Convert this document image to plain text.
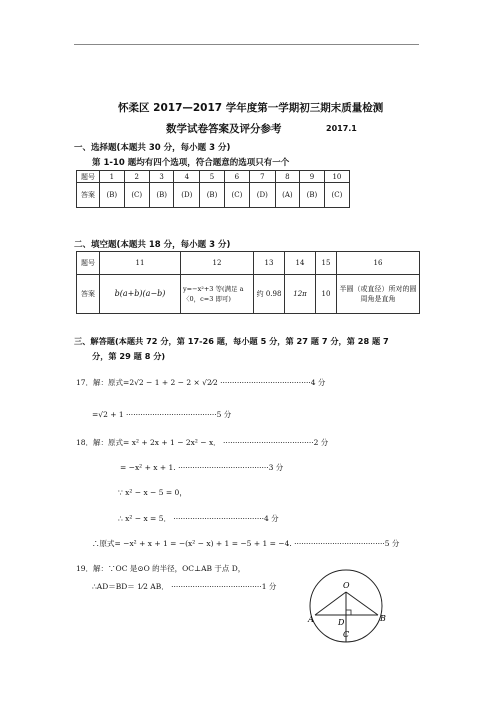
怀柔区 2017—2017 学年度第一学期初三期末质量检测
数学试卷答案及评分参考	2017.1
一、选择题(本题共 30 分，每小题 3 分)
第 1-10 题均有四个选项，符合题意的选项只有一个
题号	1	2	3	4	5	6	7	8	9	10
答案	(B)	(C)	(B)	(D)	(B)	(C)	(D)	(A)	(B)	(C)
二、填空题(本题共 18 分，每小题 3 分)
题号	11	12	13	14	15	16
答案	b(a+b)(a−b)	y=−x²+3 等(满足 a〈0，c=3 即可)	约 0.98	12π	10	半圆（或直径）所对的圆周角是直角
三、解答题(本题共 72 分，第 17-26 题，每小题 5 分，第 27 题 7 分，第 28 题 7
分，第 29 题 8 分)
17．解：原式=2√2 − 1 + 2 − 2 × √2⁄2 ······································4 分
=√2 + 1 ······································5 分
18．解：原式= x² + 2x + 1 − 2x² − x． ······································2 分
= −x² + x + 1. ······································3 分
∵ x² − x − 5 = 0，
∴ x² − x = 5． ······································4 分
∴原式= −x² + x + 1 = −(x² − x) + 1 = −5 + 1 = −4. ······································5 分
19．解：∵OC 是⊙O 的半径，OC⊥AB 于点 D，
∴AD＝BD＝ 1⁄2 AB． ······································1 分	O
A	B
C
D
